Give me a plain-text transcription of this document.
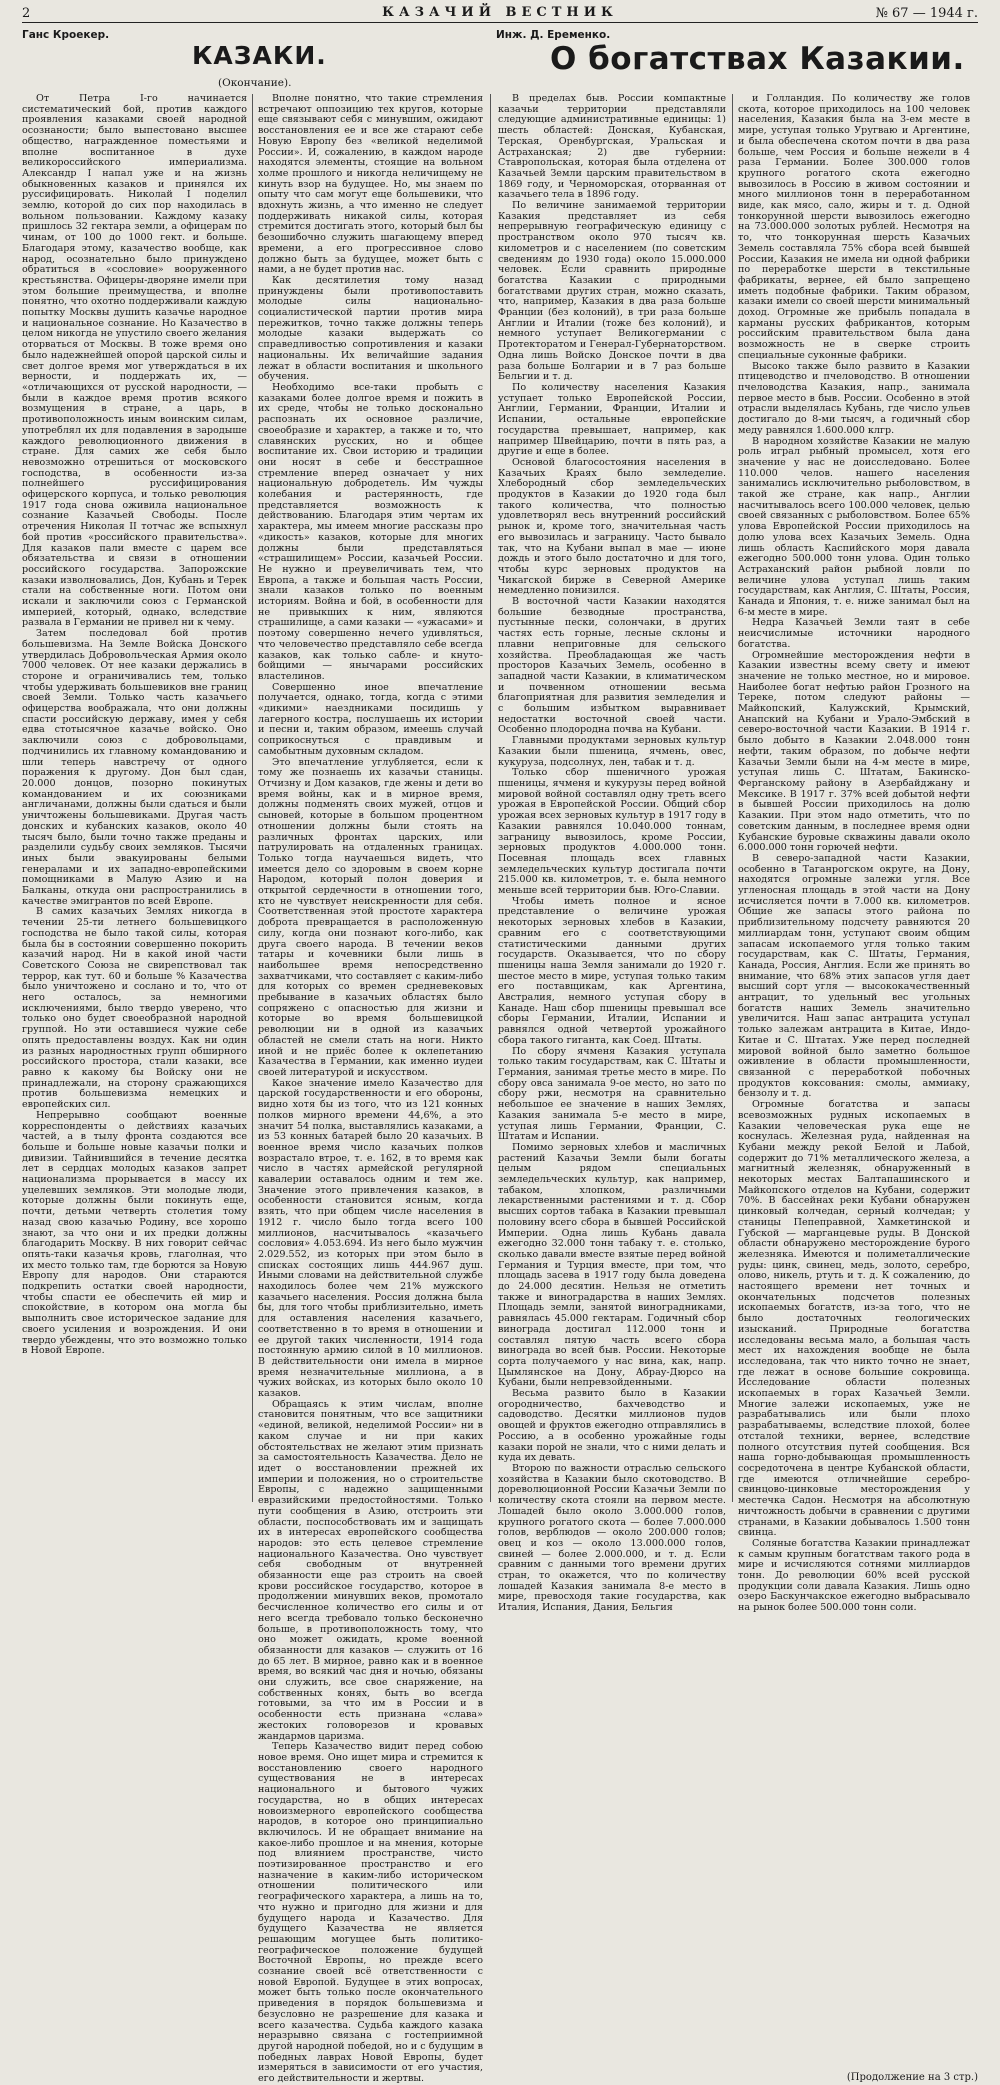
2	КАЗАЧИЙ ВЕСТНИК	№ 67 — 1944 г.
Ганс Кроекер.
КАЗАКИ.
(Окончание).
Инж. Д. Еременко.
О богатствах Казакии.

От Петра I-го начинается систематический бой, против каждого проявления казаками своей народной осознаности; было выпестовано высшее общество, награжденное поместьями и вполне воспитанное в духе великороссийского империализма. Александр I напал уже и на жизнь обыкновенных казаков и принялся их руссифицировать. Николай I поделил землю, которой до сих пор находилась в вольном пользовании. Каждому казаку пришлось 32 гектара земли, а офицерам по чинам, от 100 до 1000 гект. и больше. Благодаря этому, казачество вообще, как народ, осознательно было принуждено обратиться в «сословие» вооруженного крестьянства. Офицеры-дворяне имели при этом большие преимущества, и вполне понятно, что охотно поддерживали каждую попытку Москвы душить казачье народное и национальное сознание. Но Казачество в целом никогда не упустило своего желания оторваться от Москвы. В тоже время оно было надежнейшей опорой царской силы и свет долгое время мог утверждаться в их верности, и поддержать их, — «отличающихся от русской народности, — были в каждое время против всякого возмущения в стране, а царь, в противоположность иным воинским силам, употреблял их для подавления в зародыше каждого революционного движения в стране. Для самих же себя было невозможно отрешиться от московского господства, в особенности из-за полнейшего руссифицирования офицерского корпуса, и только революция 1917 года снова оживила национальное сознание Казачьей Свободы. После отречения Николая II тотчас же вспыхнул бой против «российского правительства». Для казаков пали вместе с царем все обязательства и связи в отношении российского государства. Запорожские казаки изволновались, Дон, Кубань и Терек стали на собственные ноги. Потом они искали и заключили союз с Германской империей, который, однако, вследствие развала в Германии не привел ни к чему.

Затем последовал бой против большевизма. На Земле Войска Донского утвердилась Добровольческая Армия около 7000 человек. От нее казаки держались в стороне и ограничивались тем, только чтобы удерживать большевиков вне границ своей Земли. Только часть казачьего офицерства воображала, что они должны спасти российскую державу, имея у себя едва стотысячное казачье войско. Оно заключили союз с добровольцами, подчинились их главному командованию и шли теперь навстречу от одного поражения к другому. Дон был сдан, 20.000 донцов, позорно покинутых командованием и их союзниками англичанами, должны были сдаться и были уничтожены большевиками. Другая часть донских и кубанских казаков, около 40 тысяч было, были точно также преданы и разделили судьбу своих земляков. Тысячи иных были эвакуированы белыми генералами и их западно-европейскими помощниками в Малую Азию и на Балканы, откуда они распространились в качестве эмигрантов по всей Европе.

В самих казачьих Землях никогда в течении 25-ти летнего большевицкого господства не было такой силы, которая была бы в состоянии совершенно покорить казачий народ. Ни в какой иной части Советского Союза не свирепствовал так террор, как тут. 60 и больше % Казачества было уничтожено и сослано и то, что от него осталось, за немногими исключениями, было твердо уверено, что только оно будет своеобразной народной группой. Но эти оставшиеся чужие себе опять предоставлены воздух. Как ни один из разных народностных групп обширного российского простора, стали казаки, все равно к какому бы Войску они не принадлежали, на сторону сражающихся против большевизма немецких и европейских сил.

Непрерывно сообщают военные корреспонденты о действиях казачьих частей, а в тылу фронта создаются все больше и больше новые казачьи полки и дивизии. Тайнившийся в течение десятка лет в сердцах молодых казаков запрет национализма прорывается в массу их уцелевших земляков. Эти молодые люди, которые должны были покинуть еще, почти, детьми четверть столетия тому назад свою казачью Родину, все хорошо знают, за что они и их предки должны благодарить Москву. В них говорит сейчас опять-таки казачья кровь, глаголная, что их место только там, где борются за Новую Европу для народов. Они стараются подкрепить остатки своей народности, чтобы спасти ее обеспечить ей мир и спокойствие, в котором она могла бы выполнить свое историческое задание для своего усиления и возрождения. И они твердо убеждены, что это возможно только в Новой Европе.

Вполне понятно, что такие стремления встречают оппозицию тех кругов, которые еще связывают себя с минувшим, ожидают восстановления ее и все же старают себе Новую Европу без «великой неделимой России». И, сожалению, в каждом народе находятся элементы, стоящие на вольном холме прошлого и никогда неличищему не кинуть взор на будущее. Но, мы знаем по опыту что сам могут еще большевики, что вдохнуть жизнь, а что именно не следует поддерживать никакой силы, которая стремится достигать этого, который был бы безошибочно служить шагающему вперед времени, а его прогрессивное слово должно быть за будущее, может быть с нами, а не будет против нас.

Как десятилетия тому назад принуждены были противопоставить молодые силы национально-социалистической партии против мира пережитков, точно также должны теперь молодые казаки выдержать со справедливостью сопротивления и казаки национальны. Их величайшие задания лежат в области воспитания и школьного обучения.

Необходимо все-таки пробыть с казаками более долгое время и пожить в их среде, чтобы не только досконально распознать их основное различие, своеобразие и характер, а также и то, что славянских русских, но и общее воспитание их. Свои историю и традиции они носят в себе и бесстрашное стремление вперед означает у них национальную добродетель. Им чужды колебания и растерянность, где представляется возможность к действованию. Благодаря этим чертам их характера, мы имеем многие рассказы про «дикость» казаков, которые для многих должны были представляться «страшилищем» России, казачьей России. Не нужно и преувеличивать тем, что Европа, а также и большая часть России, знали казаков только по военным историям. Война и бой, в особенности для не привыкших к ним, являются страшилище, а сами казаки — «ужасами» и поэтому совершенно нечего удивляться, что человечество представляло себе всегда казаков, как только сабле- и кнуто-бойщими — янычарами российских властелинов.

Совершенно иное впечатление получается, однако, тогда, когда с этими «дикими» наездниками посидишь у лагерного костра, послушаешь их истории и песни и, таким образом, имеешь случай соприкоснуться с правдивым и самобытным духовным складом.

Это впечатление углубляется, если к тому же познаешь их казачьи станицы. Отчизну и Дом казаков, где жены и дети во время войны, как и в мирное время, должны подменять своих мужей, отцов и сыновей, которые в большом процентном отношении должны были стоять на различных фронтах царских, или патрулировать на отдаленных границах. Только тогда научаешься видеть, что имеется дело со здоровым в своем корне Народом, который полон доверия и открытой сердечности в отношении того, кто не чувствует неискренности для себя. Соответственная этой простоте характера доброта превращается в расположенную силу, когда они познают кого-либо, как друга своего народа. В течении веков татары и кочевники были лишь в наибольшее время непосредственно захватчиками, что составляет с каким-либо для которых со времен средневековых пребывание в казачьих областях было сопряжено с опасностью для жизни и которые во время большевицкой революции ни в одной из казачьих областей не смели стать на ноги. Никто иной и не приёс более к оклепетанию Казачества в Германии, как именно иудеи своей литературой и искусством.

Какое значение имело Казачество для царской государственности и его обороны, видно хотя бы из того, что из 121 конных полков мирного времени 44,6%, а это значит 54 полка, выставлялись казаками, а из 53 конных батарей было 20 казачьих. В военное время число казачьих полков возрастало втрое, т. е. 162, в то время как число в частях армейской регулярной кавалерии оставалось одним и тем же. Значение этого привлечения казаков, в особенности становится ясным, когда взять, что при общем числе населения в 1912 г. число было тогда всего 100 миллионов, насчитывалось «казачьего сословия» 4.053.694. Из него было мужчин 2.029.552, из которых при этом было в списках состоящих лишь 444.967 душ. Иными словами на действительной службе находилось более чем 21% мужского казачьего населения. Россия должна была бы, для того чтобы приблизительно, иметь для оставления населения казачьего, соответственно в то время в отношении и ее другой таких численности, 1914 года постоянную армию силой в 10 миллионов. В действительности они имела в мирное время незначительные миллиона, а в чужих войсках, из которых было около 10 казаков.

Обращаясь к этим числам, вполне становится понятным, что все защитники «единой, великой, неделимой России» ни в каком случае и ни при каких обстоятельствах не желают этим признать за самостоятельность Казачества. Дело не идет о восстановлении прежней их империи и положения, но о строительстве Европы, с надежно защищенными евразийскими предостойностями. Только пути сообщения в Азию, отстроить эти области, поспособствовать им и защищать их в интересах европейского сообщества народов: это есть целевое стремление национального Казачества. Оно чувствует себя свободным от внутренней обязанности еще раз строить на своей крови российское государство, которое в продолжении минувших веков, промотало бесчисленное количество его силы и от него всегда требовало только бесконечно больше, в противоположность тому, что оно может ожидать, кроме военной обязанности для казаков — служить от 16 до 65 лет. В мирное, равно как и в военное время, во всякий час дня и ночью, обязаны они служить, все свое снаряжение, на собственных конях, быть во всегда готовыми, за что им в России и в особенности есть признана «слава» жестоких головорезов и кровавых жандармов царизма.

Теперь Казачество видит перед собою новое время. Оно ищет мира и стремится к восстановлению своего народного существования не в интересах национального и бытового чужих государства, но в общих интересах новоизмерного европейского сообщества народов, в которое оно принципиально включилось. И не обращает внимание на какое-либо прошлое и на мнения, которые под влиянием пространстве, чисто поэтизированное пространство и его назначение в каким-либо историческом отношении политического или географического характера, а лишь на то, что нужно и пригодно для жизни и для будущего народа и Казачество. Для будущего Казачества не является решающим могущее быть политико-географическое положение будущей Восточной Европы, но прежде всего сознание своей всё ответственности с новой Европой. Будущее в этих вопросах, может быть только после окончательного приведения в порядок большевизма и безусловно не разрешение для казака и всего казачества. Судьба каждого казака неразрывно связана с гостеприимной другой народной победой, но и с будущим в победных лаврах Новой Европы, будет измеряться в зависимости от его участия, его действительности и жертвы.

В пределах быв. России компактные казачьи территории представляли следующие административные единицы: 1) шесть областей: Донская, Кубанская, Терская, Оренбургская, Уральская и Астраханская; 2) две губернии: Ставропольская, которая была отделена от Казачьей Земли царским правительством в 1869 году, и Черноморская, оторванная от казачьего тела в 1896 году.

По величине занимаемой территории Казакия представляет из себя непрерывную географическую единицу с пространством около 970 тысяч кв. километров и с населением (по советским сведениям до 1930 года) около 15.000.000 человек. Если сравнить природные богатства Казакии с природными богатствами других стран, можно сказать, что, например, Казакия в два раза больше Франции (без колоний), в три раза больше Англии и Италии (тоже без колоний), и немного уступает Великогермании с Протекторатом и Генерал-Губернаторством. Одна лишь Войско Донское почти в два раза больше Болгарии и в 7 раз больше Бельгии и т. д.

По количеству населения Казакия уступает только Европейской России, Англии, Германии, Франции, Италии и Испании, остальные европейские государства превышает, например, как например Швейцарию, почти в пять раз, а другие и еще в более.

Основой благосостояния населения в Казачьих Краях было земледелие. Хлебородный сбор земледельческих продуктов в Казакии до 1920 года был такого количества, что полностью удовлетворял весь внутренний российский рынок и, кроме того, значительная часть его вывозилась и заграницу. Часто бывало так, что на Кубани выпал в мае — июне дождь и этого было достаточно и для того, чтобы курс зерновых продуктов на Чикагской бирже в Северной Америке немедленно понизился.

В восточной части Казакии находятся большие безводные пространства, пустынные пески, солончаки, в других частях есть горные, лесные склоны и плавни неприговные для сельского хозяйства. Преобладающая же часть просторов Казачьих Земель, особенно в западной части Казакии, в климатическом и почвенном отношении весьма благоприятная для развития земледелия и с большим избытком выравнивает недостатки восточной своей части. Особенно плодородна почва на Кубани.

Главными продуктами зерновых культур Казакии были пшеница, ячмень, овес, кукуруза, подсолнух, лен, табак и т. д.

Только сбор пшеничного урожая пшеницы, ячменя и кукурузы перед войной мировой войной составлял одну треть всего урожая в Европейской России. Общий сбор урожая всех зерновых культур в 1917 году в Казакии равнялся 10.040.000 тоннам, заграницу вывозилось, кроме России, зерновых продуктов 4.000.000 тонн. Посевная площадь всех главных земледельческих культур достигала почти 215.000 кв. километров, т. е. была немного меньше всей территории быв. Юго-Славии.

Чтобы иметь полное и ясное представление о величине урожая некоторых зерновых хлебов в Казакии, сравним его с соответствующими статистическими данными других государств. Оказывается, что по сбору пшеницы наша Земля занимали до 1920 г. шестое место в мире, уступая только таким его поставщикам, как Аргентина, Австралия, немного уступая сбору в Канаде. Наш сбор пшеницы превышал все сборы Германии, Италии, Испании и равнялся одной четвертой урожайного сбора такого гиганта, как Соед. Штаты.

По сбору ячменя Казакия уступала только таким государствам, как С. Штаты и Германия, занимая третье место в мире. По сбору овса занимала 9-ое место, но зато по сбору ржи, несмотря на сравнительно небольшое ее значение в наших Землях, Казакия занимала 5-е место в мире, уступая лишь Германии, Франции, С. Штатам и Испании.

Помимо зерновых хлебов и масличных растений Казачьи Земли были богаты целым рядом специальных земледельческих культур, как например, табаком, хлопком, различными лекарственными растениями и т. д. Сбор высших сортов табака в Казакии превышал половину всего сбора в бывшей Российской Империи. Одна лишь Кубань давала ежегодно 32.000 тонн табаку т. е. столько, сколько давали вместе взятые перед войной Германия и Турция вместе, при том, что площадь засева в 1917 году была доведена до 24.000 десятин. Нельзя не отметить также и виноградарства в наших Землях. Площадь земли, занятой виноградниками, равнялась 45.000 гектарам. Годичный сбор винограда достигал 112.000 тонн и составлял пятую часть всего сбора винограда во всей быв. России. Некоторые сорта получаемого у нас вина, как, напр. Цымлянское на Дону, Абрау-Дюрсо на Кубани, были непревзойденными.

Весьма развито было в Казакии огородничество, бахчеводство и садоводство. Десятки миллионов пудов овощей и фруктов ежегодно отправлялись в Россию, а в особенно урожайные годы казаки порой не знали, что с ними делать и куда их девать.

Второю по важности отраслью сельского хозяйства в Казакии было скотоводство. В дореволюционной России Казачьи Земли по количеству скота стояли на первом месте. Лошадей было около 3.000.000 голов, крупного рогатого скота — более 7.000.000 голов, верблюдов — около 200.000 голов; овец и коз — около 13.000.000 голов, свиней — более 2.000.000, и т. д. Если сравним с данными того времени других стран, то окажется, что по количеству лошадей Казакия занимала 8-е место в мире, превосходя такие государства, как Италия, Испания, Дания, Бельгия

и Голландия. По количеству же голов скота, которое приходилось на 100 человек населения, Казакия была на 3-ем месте в мире, уступая только Уругваю и Аргентине, и была обеспечена скотом почти в два раза больше, чем Россия и больше нежели в 4 раза Германии. Более 300.000 голов крупного рогатого скота ежегодно вывозилось в Россию в живом состоянии и много миллионов тонн в переработанном виде, как мясо, сало, жиры и т. д. Одной тонкорунной шерсти вывозилось ежегодно на 73.000.000 золотых рублей. Несмотря на то, что тонкорунная шерсть Казачьих Земель составляла 75% сбора всей бывшей России, Казакия не имела ни одной фабрики по переработке шерсти в текстильные фабрикаты, вернее, ей было запрещено иметь подобные фабрики. Таким образом, казаки имели со своей шерсти минимальный доход. Огромные же прибыль попадала в карманы русских фабрикантов, которым российским правительством была дана возможность не в сверке строить специальные суконные фабрики.

Высоко также было развито в Казакии птицеводство и пчеловодство. В отношении пчеловодства Казакия, напр., занимала первое место в быв. России. Особенно в этой отрасли выделялась Кубань, где число ульев достигало до 8-ми тысяч, а годичный сбор меду равнялся 1.600.000 клгр.

В народном хозяйстве Казакии не малую роль играл рыбный промысел, хотя его значение у нас не доисследовано. Более 110.000 челов. нашего населения занимались исключительно рыболовством, в такой же стране, как напр., Англии насчитывалось всего 100.000 человек, целью своей связанных с рыболовством. Более 65% улова Европейской России приходилось на долю улова всех Казачьих Земель. Одна лишь область Каспийского моря давала ежегодно 500.000 тонн улова. Один только Астраханский район рыбной ловли по величине улова уступал лишь таким государствам, как Англия, С. Штаты, Россия, Канада и Япония, т. е. ниже занимал был на 6-м месте в мире.

Недра Казачьей Земли таят в себе неисчислимые источники народного богатства.

Огромнейшие месторождения нефти в Казакии известны всему свету и имеют значение не только местное, но и мировое. Наиболее богат нефтью район Грозного на Тереке, потом следуют районы — Майкопский, Калужский, Крымский, Анапский на Кубани и Урало-Эмбский в северо-восточной части Казакии. В 1914 г. было добыто в Казакии 2.048.000 тонн нефти, таким образом, по добыче нефти Казачьи Земли были на 4-м месте в мире, уступая лишь С. Штатам, Бакинско-Ферганскому району в Азербайджану и Мексике. В 1917 г. 37% всей добытой нефти в бывшей России приходилось на долю Казакии. При этом надо отметить, что по советским данным, в последнее время одни Кубанские буровые скважины давали около 6.000.000 тонн горючей нефти.

В северо-западной части Казакии, особенно в Таганрогском округе, на Дону, находятся огромные залежи угля. Все угленосная площадь в этой части на Дону исчисляется почти в 7.000 кв. километров. Общие же запасы этого района по приблизительному подсчету равняются 20 миллиардам тонн, уступают своим общим запасам ископаемого угля только таким государствам, как С. Штаты, Германия, Канада, Россия, Англия. Если же принять во внимание, что 68% этих запасов угля дает высший сорт угля — высококачественный антрацит, то удельный вес угольных богатств наших Земель значительно увеличится. Наш запас антрацита уступал только залежам антрацита в Китае, Индо-Китае и С. Штатах. Уже перед последней мировой войной было заметно большое оживление в области промышленности, связанной с переработкой побочных продуктов коксования: смолы, аммиаку, бензолу и т. д.

Огромные богатства и запасы всевозможных рудных ископаемых в Казакии человеческая рука еще не коснулась. Железная руда, найденная на Кубани между рекой Белой и Лабой, содержит до 71% металлического железа, а магнитный железняк, обнаруженный в некоторых местах Балтапашинского и Майкопского отделов на Кубани, содержит 70%. В бассейнах реки Кубани обнаружен цинковый колчедан, серный колчедан; у станицы Пепеправной, Хамкетинской и Губской — марганцевые руды. В Донской области обнаружено месторождение бурого железняка. Имеются и полиметаллические руды: цинк, свинец, медь, золото, серебро, олово, никель, ртуть и т. д. К сожалению, до настоящего времени нет точных и окончательных подсчетов полезных ископаемых богатств, из-за того, что не было достаточных геологических изысканий. Природные богатства исследованы весьма мало, а большая часть мест их нахождения вообще не была исследована, так что никто точно не знает, где лежат в основе большие сокровища. Исследование области полезных ископаемых в горах Казачьей Земли. Многие залежи ископаемых, уже не разрабатывались или были плохо разрабатываемы, вследствие плохой, более отсталой техники, вернее, вследствие полного отсутствия путей сообщения. Вся наша горно-добывающая промышленность сосредоточена в центре Кубанской области, где имеются отличнейшие серебро-свинцово-цинковые месторождения у местечка Садон. Несмотря на абсолютную ничтожность добычи в сравнении с другими странами, в Казакии добывалось 1.500 тонн свинца.

Соляные богатства Казакии принадлежат к самым крупным богатствам такого рода в мире и исчисляются сотнями миллиардов тонн. До революции 60% всей русской продукции соли давала Казакия. Лишь одно озеро Баскунчакское ежегодно выбрасывало на рынок более 500.000 тонн соли.

(Продолжение на 3 стр.)
